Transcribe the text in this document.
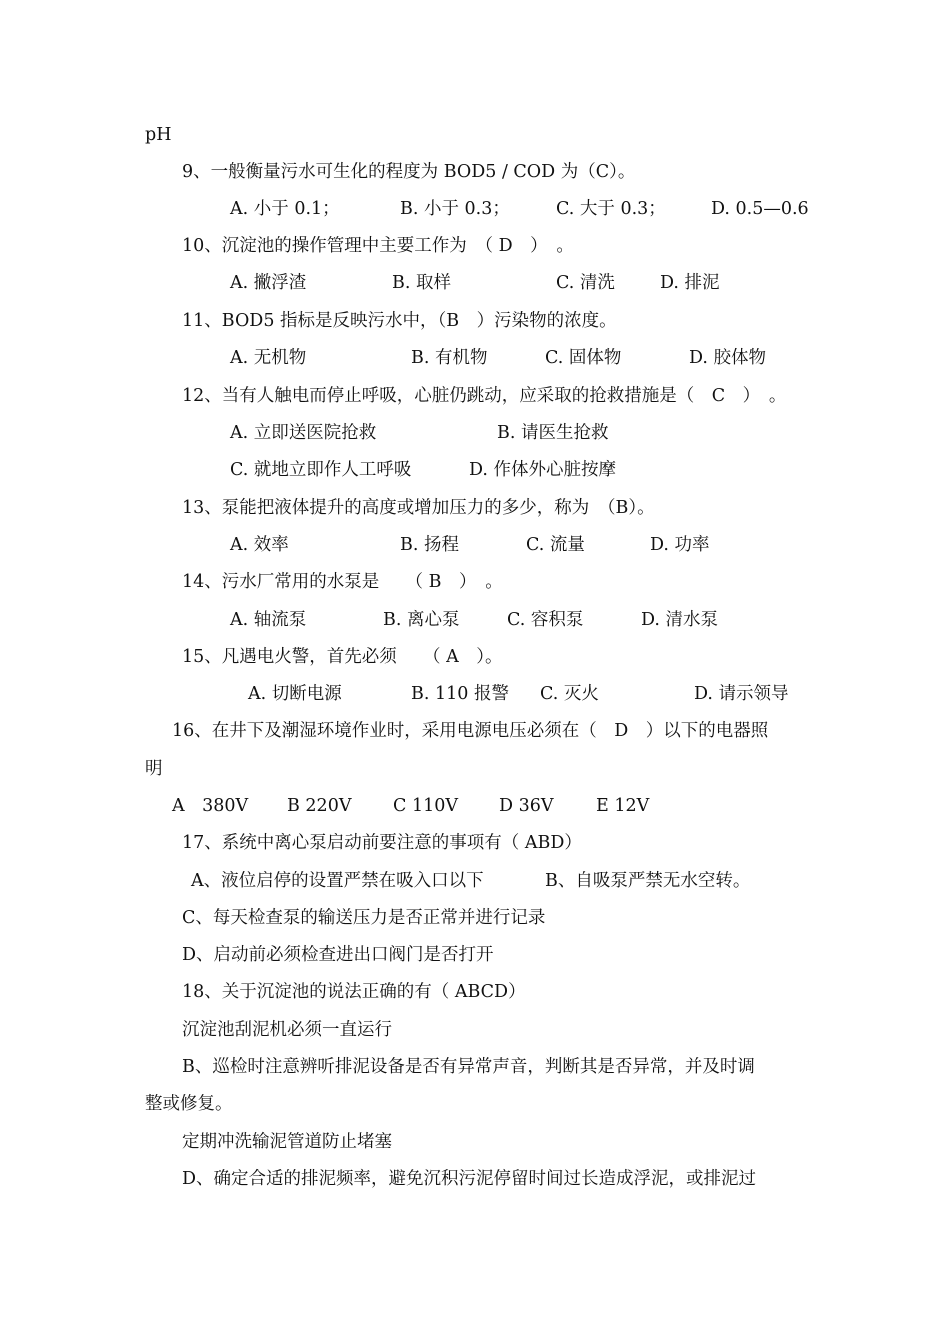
pH
9、一般衡量污水可生化的程度为 BOD5 / COD 为（C）。
A. 小于 0.1；	B. 小于 0.3；	C. 大于 0.3；	D. 0.5—0.6
10、沉淀池的操作管理中主要工作为　（ D　）　。
A. 撇浮渣	B. 取样	C. 清洗	D. 排泥
11、BOD5 指标是反映污水中，（B　）污染物的浓度。
A. 无机物	B. 有机物	C. 固体物	D. 胶体物
12、当有人触电而停止呼吸，心脏仍跳动，应采取的抢救措施是（　C　）　。
A. 立即送医院抢救	B. 请医生抢救
C. 就地立即作人工呼吸	D. 作体外心脏按摩
13、泵能把液体提升的高度或增加压力的多少，称为　（B）。
A. 效率	B. 扬程	C. 流量	D. 功率
14、污水厂常用的水泵是　　（ B　）　。
A. 轴流泵	B. 离心泵	C. 容积泵	D. 清水泵
15、凡遇电火警，首先必须　　（ A　）。
A. 切断电源	B. 110 报警 C. 灭火	D. 请示领导
16、在井下及潮湿环境作业时，采用电源电压必须在（　D　）以下的电器照
明
A　380V B 220V C 110V D 36V E 12V
17、系统中离心泵启动前要注意的事项有（ ABD）
A、液位启停的设置严禁在吸入口以下	B、自吸泵严禁无水空转。
C、每天检查泵的输送压力是否正常并进行记录
D、启动前必须检查进出口阀门是否打开
18、关于沉淀池的说法正确的有（ ABCD）
沉淀池刮泥机必须一直运行
B、巡检时注意辨听排泥设备是否有异常声音，判断其是否异常，并及时调
整或修复。
定期冲洗输泥管道防止堵塞
D、确定合适的排泥频率，避免沉积污泥停留时间过长造成浮泥，或排泥过
